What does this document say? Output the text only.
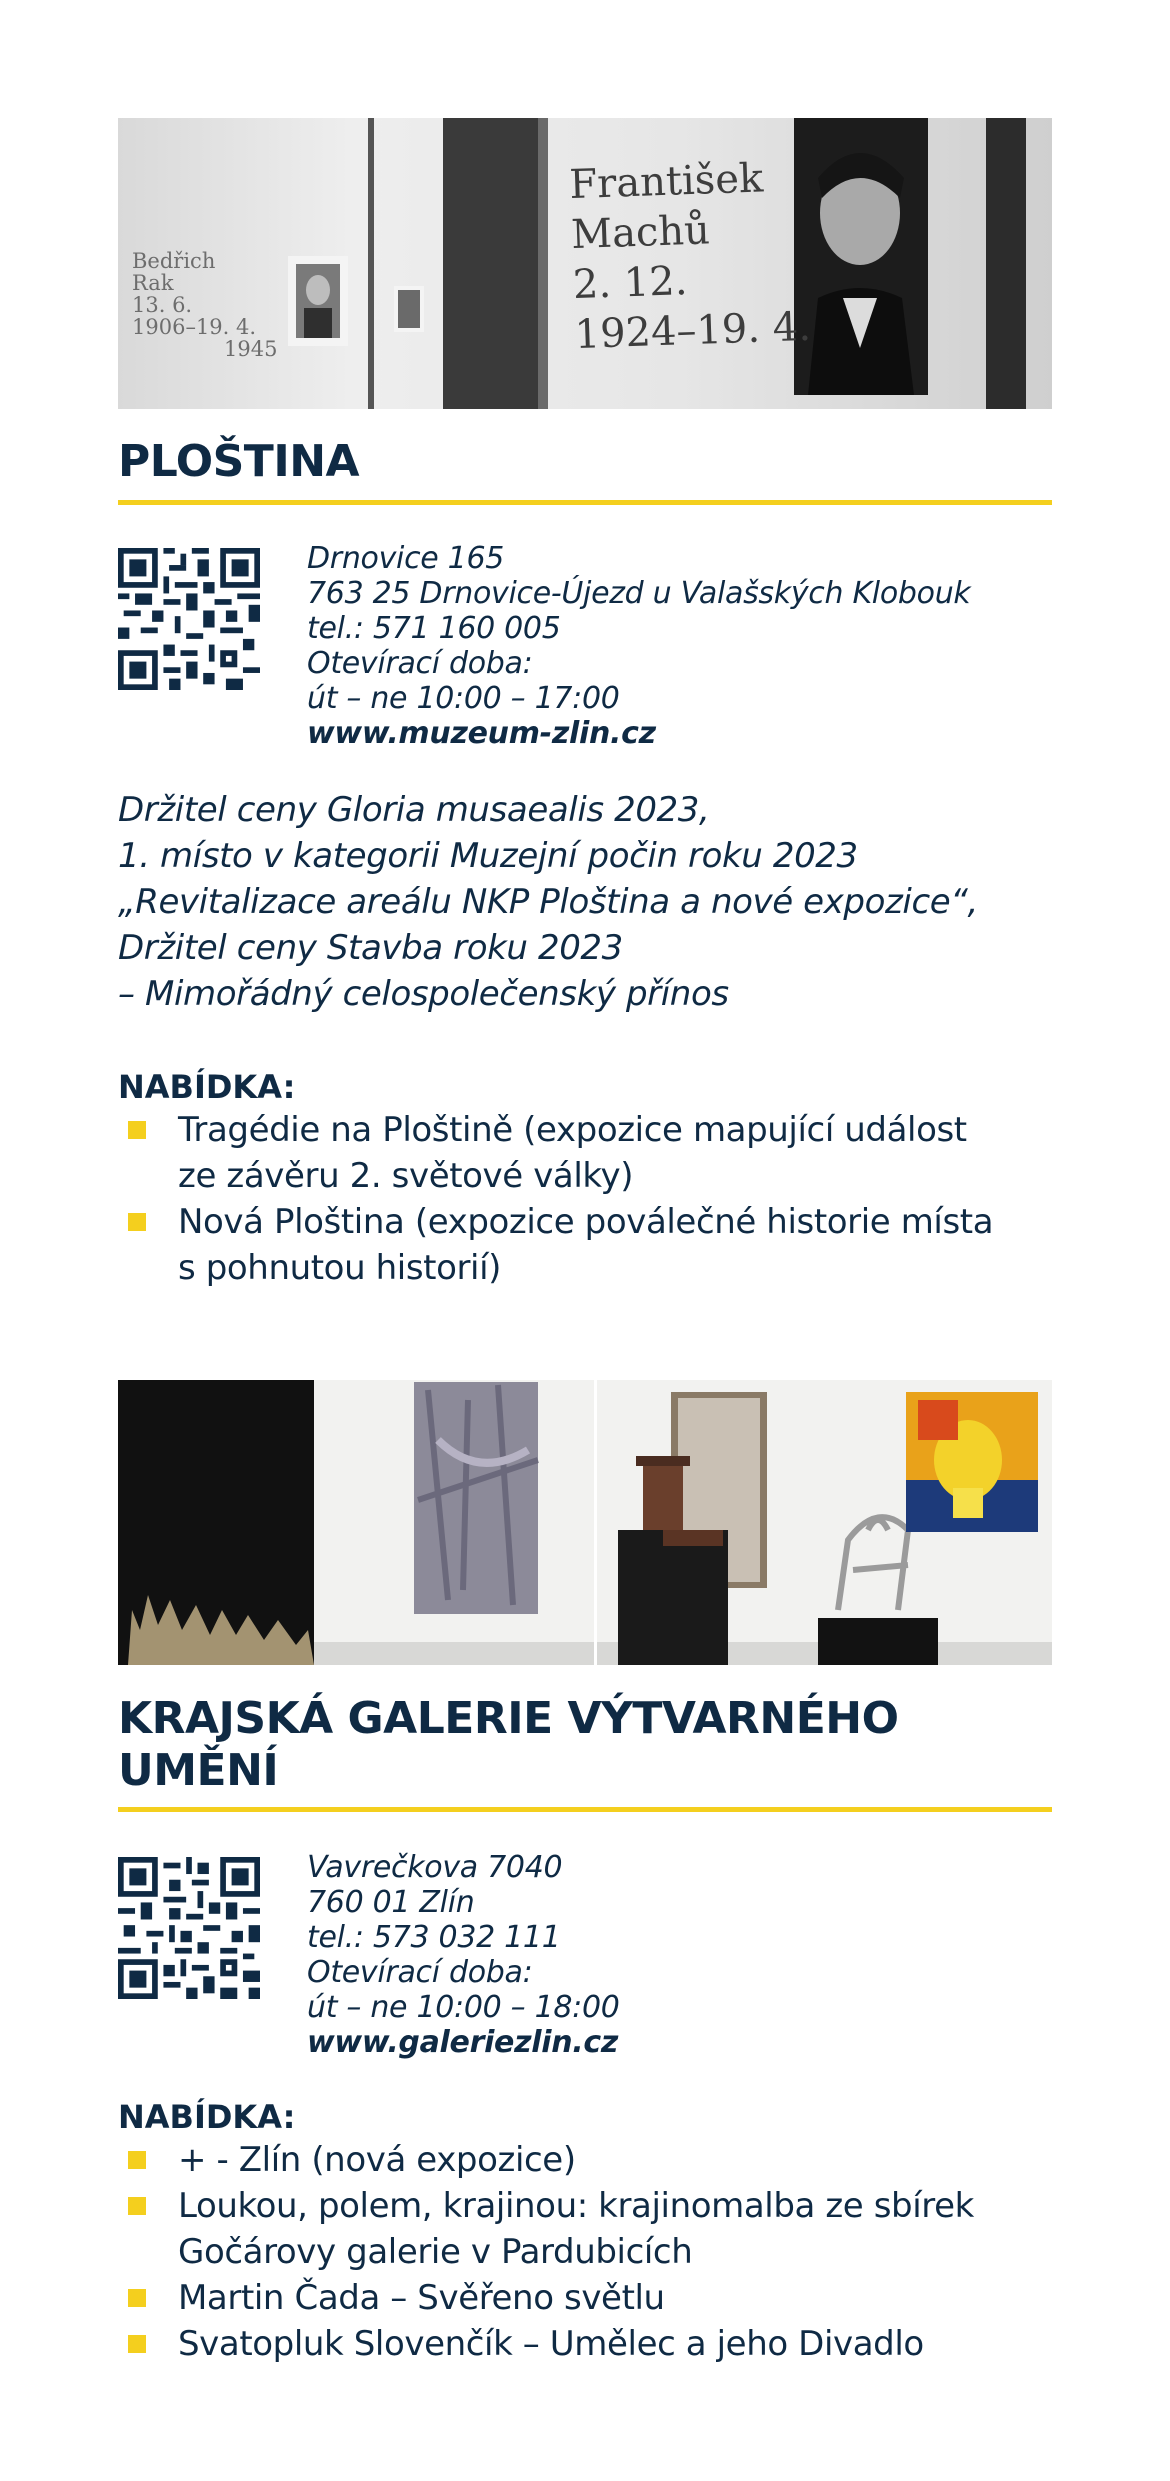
Bedřich
Rak
13. 6.
1906–19. 4.
1945
František
Machů
2. 12.
1924–19. 4.
PLOŠTINA
Drnovice 165
763 25 Drnovice-Újezd u Valašských Klobouk
tel.: 571 160 005
Otevírací doba:
út – ne 10:00 – 17:00
www.muzeum-zlin.cz
Držitel ceny Gloria musaealis 2023,
1. místo v kategorii Muzejní počin roku 2023
„Revitalizace areálu NKP Ploština a nové expozice“,
Držitel ceny Stavba roku 2023
– Mimořádný celospolečenský přínos
NABÍDKA:
Tragédie na Ploštině (expozice mapující událost
ze závěru 2. světové války)
Nová Ploština (expozice poválečné historie místa
s pohnutou historií)
KRAJSKÁ GALERIE VÝTVARNÉHO
UMĚNÍ
Vavrečkova 7040
760 01 Zlín
tel.: 573 032 111
Otevírací doba:
út – ne 10:00 – 18:00
www.galeriezlin.cz
NABÍDKA:
+ - Zlín (nová expozice)
Loukou, polem, krajinou: krajinomalba ze sbírek
Gočárovy galerie v Pardubicích
Martin Čada – Svěřeno světlu
Svatopluk Slovenčík – Umělec a jeho Divadlo
